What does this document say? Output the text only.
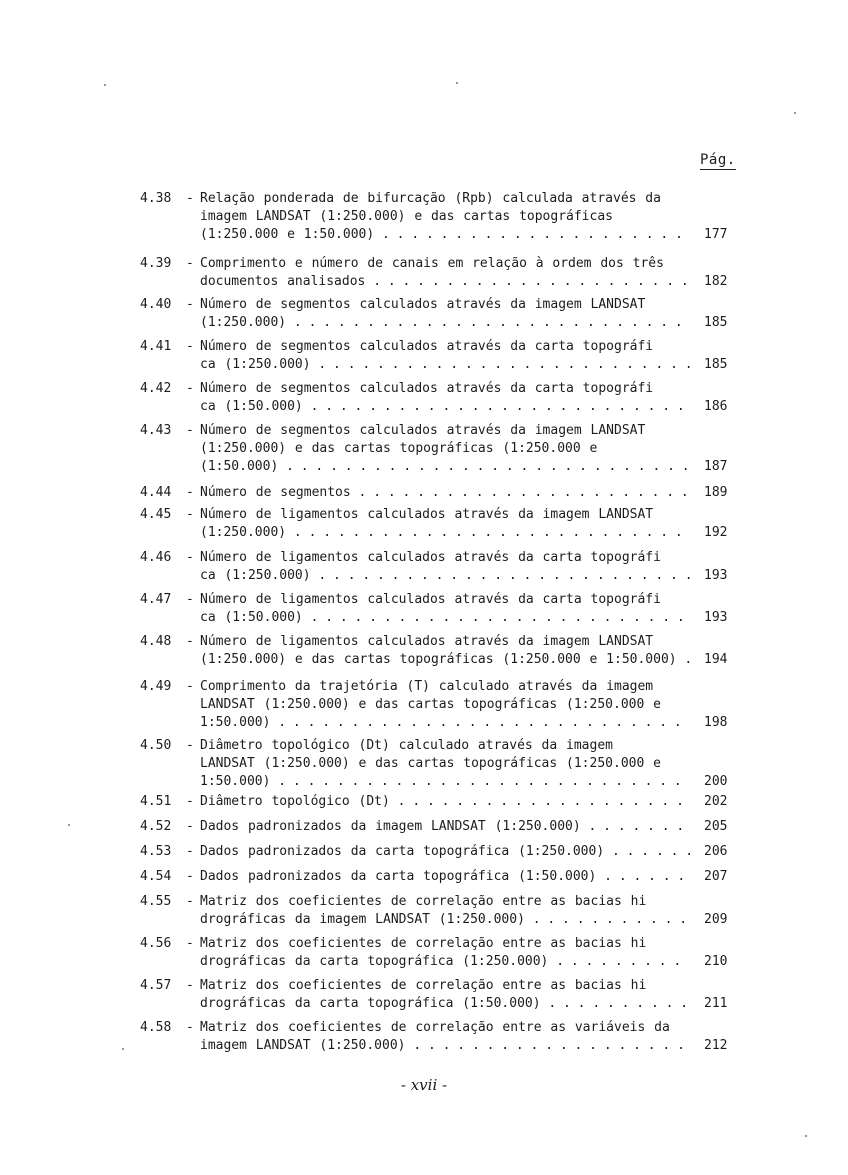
Pág.
4.38	- Relação ponderada de bifurcação (Rpb) calculada através da
imagem LANDSAT (1:250.000) e das cartas topográficas
(1:250.000 e 1:50.000) . . .	177
4.39	- Comprimento e número de canais em relação à ordem dos três
documentos analisados . . .	182
4.40	- Número de segmentos calculados através da imagem LANDSAT
(1:250.000) . . .	185
4.41	- Número de segmentos calculados através da carta topográfi
ca (1:250.000) . . .	185
4.42	- Número de segmentos calculados através da carta topográfi
ca (1:50.000) . . .	186
4.43	- Número de segmentos calculados através da imagem LANDSAT
(1:250.000) e das cartas topográficas (1:250.000 e
(1:50.000) . . .	187
4.44	- Número de segmentos . . .	189
4.45	- Número de ligamentos calculados através da imagem LANDSAT
(1:250.000) . . .	192
4.46	- Número de ligamentos calculados através da carta topográfi
ca (1:250.000) . . .	193
4.47	- Número de ligamentos calculados através da carta topográfi
ca (1:50.000) . . .	193
4.48	- Número de ligamentos calculados através da imagem LANDSAT
(1:250.000) e das cartas topográficas (1:250.000 e 1:50.000) . . .	194
4.49	- Comprimento da trajetória (T) calculado através da imagem
LANDSAT (1:250.000) e das cartas topográficas (1:250.000 e
1:50.000) . . .	198
4.50	- Diâmetro topológico (Dt) calculado através da imagem
LANDSAT (1:250.000) e das cartas topográficas (1:250.000 e
1:50.000) . . .	200
4.51	- Diâmetro topológico (Dt) . . .	202
4.52	- Dados padronizados da imagem LANDSAT (1:250.000) . . .	205
4.53	- Dados padronizados da carta topográfica (1:250.000) . . .	206
4.54	- Dados padronizados da carta topográfica (1:50.000) . . .	207
4.55	- Matriz dos coeficientes de correlação entre as bacias hi
drográficas da imagem LANDSAT (1:250.000) . . .	209
4.56	- Matriz dos coeficientes de correlação entre as bacias hi
drográficas da carta topográfica (1:250.000) . . .	210
4.57	- Matriz dos coeficientes de correlação entre as bacias hi
drográficas da carta topográfica (1:50.000) . . .	211
4.58	- Matriz dos coeficientes de correlação entre as variáveis da
imagem LANDSAT (1:250.000) . . .	212
- xvii -
